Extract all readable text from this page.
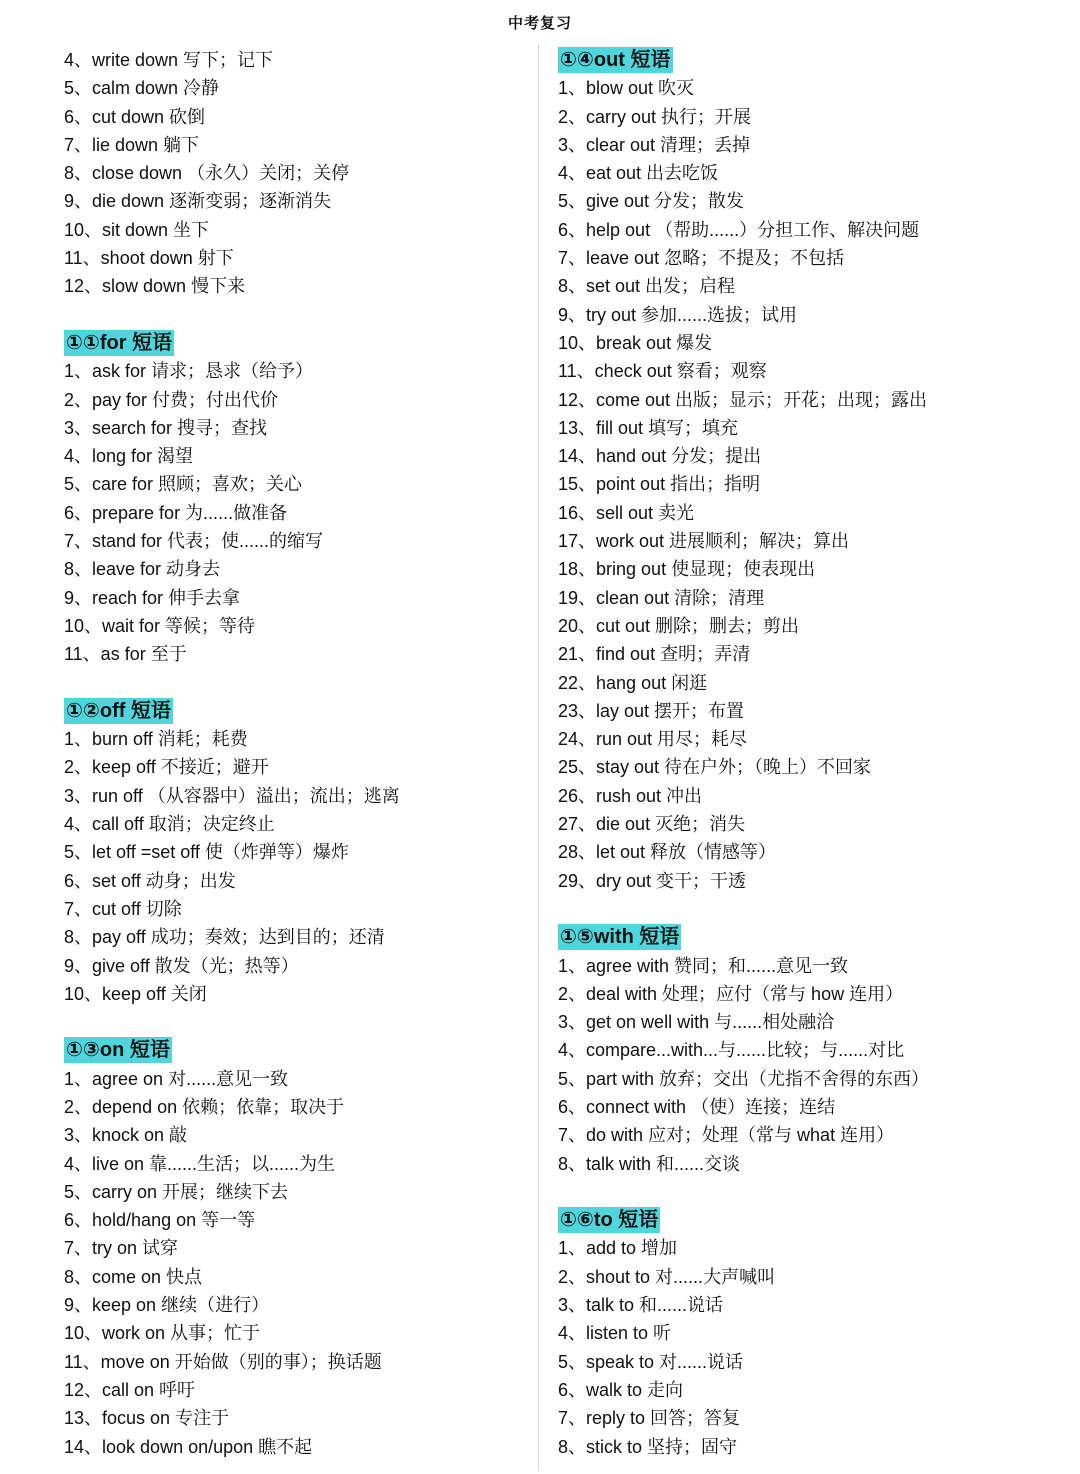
中考复习
4、write down 写下；记下
5、calm down 冷静
6、cut down 砍倒
7、lie down 躺下
8、close down （永久）关闭；关停
9、die down 逐渐变弱；逐渐消失
10、sit down 坐下
11、shoot down 射下
12、slow down 慢下来
①①for 短语
1、ask for 请求；恳求（给予）
2、pay for 付费；付出代价
3、search for 搜寻；查找
4、long for 渴望
5、care for 照顾；喜欢；关心
6、prepare for 为......做准备
7、stand for 代表；使......的缩写
8、leave for 动身去
9、reach for 伸手去拿
10、wait for 等候；等待
11、as for 至于
①②off 短语
1、burn off 消耗；耗费
2、keep off 不接近；避开
3、run off （从容器中）溢出；流出；逃离
4、call off 取消；决定终止
5、let off =set off 使（炸弹等）爆炸
6、set off 动身；出发
7、cut off 切除
8、pay off 成功；奏效；达到目的；还清
9、give off 散发（光；热等）
10、keep off 关闭
①③on 短语
1、agree on 对......意见一致
2、depend on 依赖；依靠；取决于
3、knock on 敲
4、live on 靠......生活；以......为生
5、carry on 开展；继续下去
6、hold/hang on 等一等
7、try on 试穿
8、come on 快点
9、keep on 继续（进行）
10、work on 从事；忙于
11、move on 开始做（别的事）；换话题
12、call on 呼吁
13、focus on 专注于
14、look down on/upon 瞧不起
①④out 短语
1、blow out 吹灭
2、carry out 执行；开展
3、clear out 清理；丢掉
4、eat out 出去吃饭
5、give out 分发；散发
6、help out （帮助......）分担工作、解决问题
7、leave out 忽略；不提及；不包括
8、set out 出发；启程
9、try out 参加......选拔；试用
10、break out 爆发
11、check out 察看；观察
12、come out 出版；显示；开花；出现；露出
13、fill out 填写；填充
14、hand out 分发；提出
15、point out 指出；指明
16、sell out 卖光
17、work out 进展顺利；解决；算出
18、bring out 使显现；使表现出
19、clean out 清除；清理
20、cut out 删除；删去；剪出
21、find out 查明；弄清
22、hang out 闲逛
23、lay out 摆开；布置
24、run out 用尽；耗尽
25、stay out 待在户外；（晚上）不回家
26、rush out 冲出
27、die out 灭绝；消失
28、let out 释放（情感等）
29、dry out 变干；干透
①⑤with 短语
1、agree with 赞同；和......意见一致
2、deal with 处理；应付（常与 how 连用）
3、get on well with 与......相处融洽
4、compare...with...与......比较；与......对比
5、part with 放弃；交出（尤指不舍得的东西）
6、connect with （使）连接；连结
7、do with 应对；处理（常与 what 连用）
8、talk with 和......交谈
①⑥to 短语
1、add to 增加
2、shout to 对......大声喊叫
3、talk to 和......说话
4、listen to 听
5、speak to 对......说话
6、walk to 走向
7、reply to 回答；答复
8、stick to 坚持；固守
